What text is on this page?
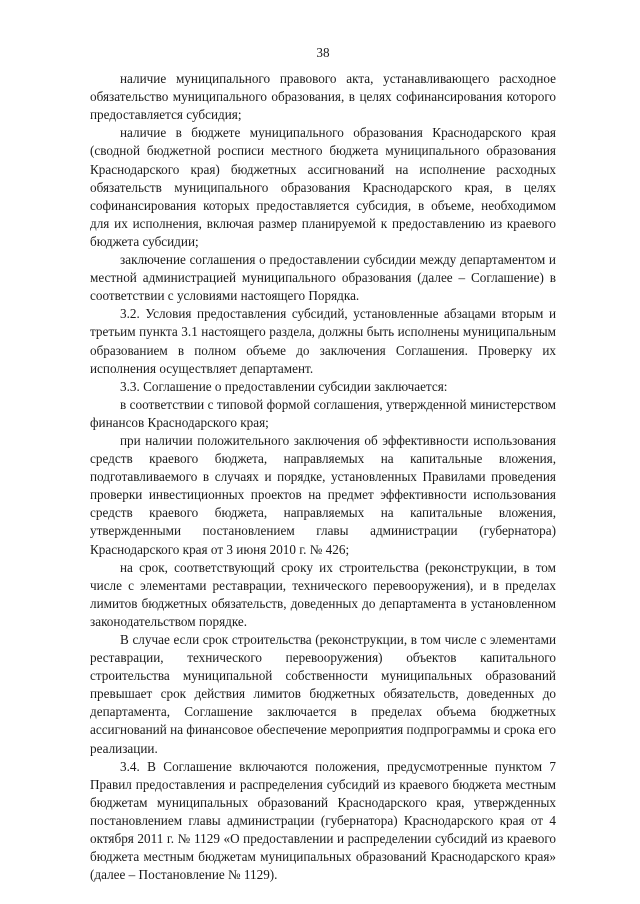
38

наличие муниципального правового акта, устанавливающего расходное обязательство муниципального образования, в целях софинансирования которого предоставляется субсидия;

наличие в бюджете муниципального образования Краснодарского края (сводной бюджетной росписи местного бюджета муниципального образования Краснодарского края) бюджетных ассигнований на исполнение расходных обязательств муниципального образования Краснодарского края, в целях софинансирования которых предоставляется субсидия, в объеме, необходимом для их исполнения, включая размер планируемой к предоставлению из краевого бюджета субсидии;

заключение соглашения о предоставлении субсидии между департаментом и местной администрацией муниципального образования (далее – Соглашение) в соответствии с условиями настоящего Порядка.

3.2. Условия предоставления субсидий, установленные абзацами вторым и третьим пункта 3.1 настоящего раздела, должны быть исполнены муниципальным образованием в полном объеме до заключения Соглашения. Проверку их исполнения осуществляет департамент.

3.3. Соглашение о предоставлении субсидии заключается:

в соответствии с типовой формой соглашения, утвержденной министерством финансов Краснодарского края;

при наличии положительного заключения об эффективности использования средств краевого бюджета, направляемых на капитальные вложения, подготавливаемого в случаях и порядке, установленных Правилами проведения проверки инвестиционных проектов на предмет эффективности использования средств краевого бюджета, направляемых на капитальные вложения, утвержденными постановлением главы администрации (губернатора) Краснодарского края от 3 июня 2010 г. № 426;

на срок, соответствующий сроку их строительства (реконструкции, в том числе с элементами реставрации, технического перевооружения), и в пределах лимитов бюджетных обязательств, доведенных до департамента в установленном законодательством порядке.

В случае если срок строительства (реконструкции, в том числе с элементами реставрации, технического перевооружения) объектов капитального строительства муниципальной собственности муниципальных образований превышает срок действия лимитов бюджетных обязательств, доведенных до департамента, Соглашение заключается в пределах объема бюджетных ассигнований на финансовое обеспечение мероприятия подпрограммы и срока его реализации.

3.4. В Соглашение включаются положения, предусмотренные пунктом 7 Правил предоставления и распределения субсидий из краевого бюджета местным бюджетам муниципальных образований Краснодарского края, утвержденных постановлением главы администрации (губернатора) Краснодарского края от 4 октября 2011 г. № 1129 «О предоставлении и распределении субсидий из краевого бюджета местным бюджетам муниципальных образований Краснодарского края» (далее – Постановление № 1129).
